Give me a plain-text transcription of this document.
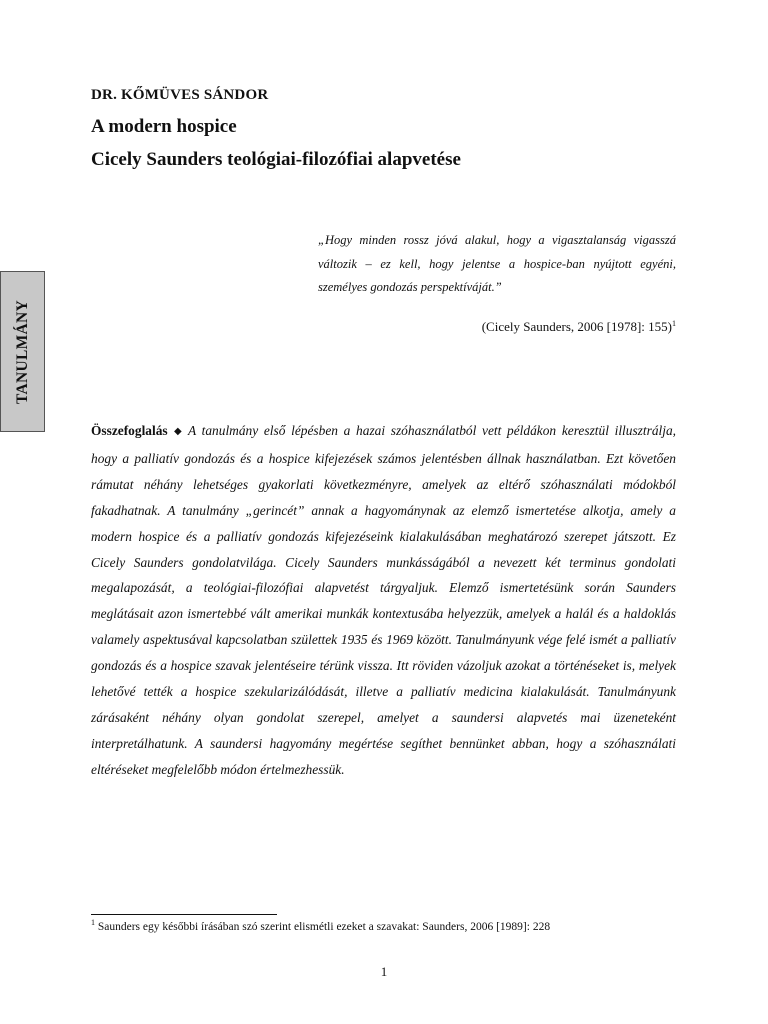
TANULMÁNY
DR. KŐMÜVES SÁNDOR
A modern hospice
Cicely Saunders teológiai-filozófiai alapvetése

„Hogy minden rossz jóvá alakul, hogy a vigasztalanság vigasszá változik – ez kell, hogy jelentse a hospice-ban nyújtott egyéni, személyes gondozás perspektíváját.”

(Cicely Saunders, 2006 [1978]: 155)$^1$

Összefoglalás ◆ A tanulmány első lépésben a hazai szóhasználatból vett példákon keresztül illusztrálja, hogy a palliatív gondozás és a hospice kifejezések számos jelentésben állnak használatban. Ezt követően rámutat néhány lehetséges gyakorlati következményre, amelyek az eltérő szóhasználati módokból fakadhatnak. A tanulmány „gerincét” annak a hagyománynak az elemző ismertetése alkotja, amely a modern hospice és a palliatív gondozás kifejezéseink kialakulásában meghatározó szerepet játszott. Ez Cicely Saunders gondolatvilága. Cicely Saunders munkásságából a nevezett két terminus gondolati megalapozását, a teológiai-filozófiai alapvetést tárgyaljuk. Elemző ismertetésünk során Saunders meglátásait azon ismertebbé vált amerikai munkák kontextusába helyezzük, amelyek a halál és a haldoklás valamely aspektusával kapcsolatban születtek 1935 és 1969 között. Tanulmányunk vége felé ismét a palliatív gondozás és a hospice szavak jelentéseire térünk vissza. Itt röviden vázoljuk azokat a történéseket is, melyek lehetővé tették a hospice szekularizálódását, illetve a palliatív medicina kialakulását. Tanulmányunk zárásaként néhány olyan gondolat szerepel, amelyet a saundersi alapvetés mai üzeneteként interpretálhatunk. A saundersi hagyomány megértése segíthet bennünket abban, hogy a szóhasználati eltéréseket megfelelőbb módon értelmezhessük.

$^1$ Saunders egy későbbi írásában szó szerint elismétli ezeket a szavakat: Saunders, 2006 [1989]: 228
1
